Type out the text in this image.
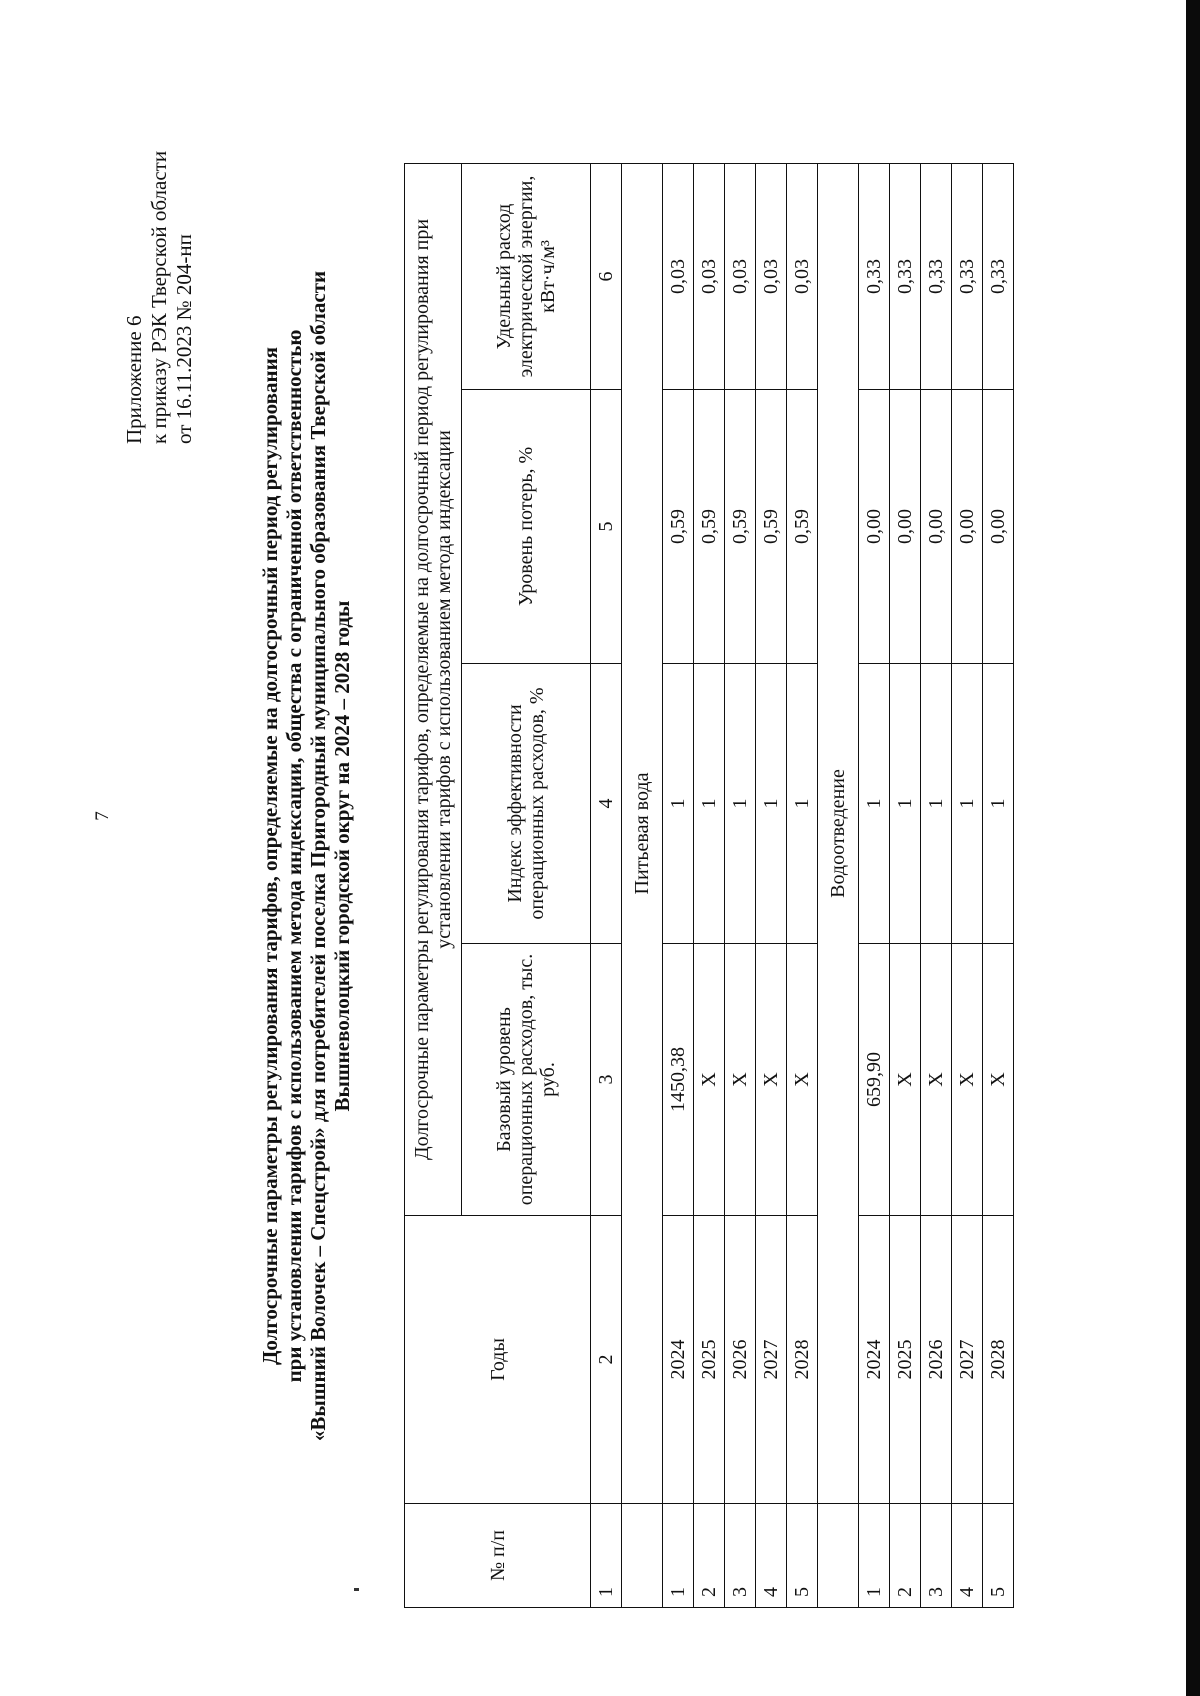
7
Приложение 6 к приказу РЭК Тверской области от 16.11.2023 № 204-нп
Долгосрочные параметры регулирования тарифов, определяемые на долгосрочный период регулирования при установлении тарифов с использованием метода индексации, общества с ограниченной ответственностью «Вышний Волочек – Спецстрой» для потребителей поселка Пригородный муниципального образования Тверской области Вышневолоцкий городской округ на 2024 – 2028 годы
№ п/п	Годы	Долгосрочные параметры регулирования тарифов, определяемые на долгосрочный период регулирования при установлении тарифов с использованием метода индексации			
		Базовый уровень операционных расходов, тыс. руб.	Индекс эффективности операционных расходов, %	Уровень потерь, %	Удельный расход электрической энергии, кВт·ч/м³
1	2	3	4	5	6
	Питьевая вода				
1	2024	1450,38	1	0,59	0,03
2	2025	X	1	0,59	0,03
3	2026	X	1	0,59	0,03
4	2027	X	1	0,59	0,03
5	2028	X	1	0,59	0,03
	Водоотведение				
1	2024	659,90	1	0,00	0,33
2	2025	X	1	0,00	0,33
3	2026	X	1	0,00	0,33
4	2027	X	1	0,00	0,33
5	2028	X	1	0,00	0,33
